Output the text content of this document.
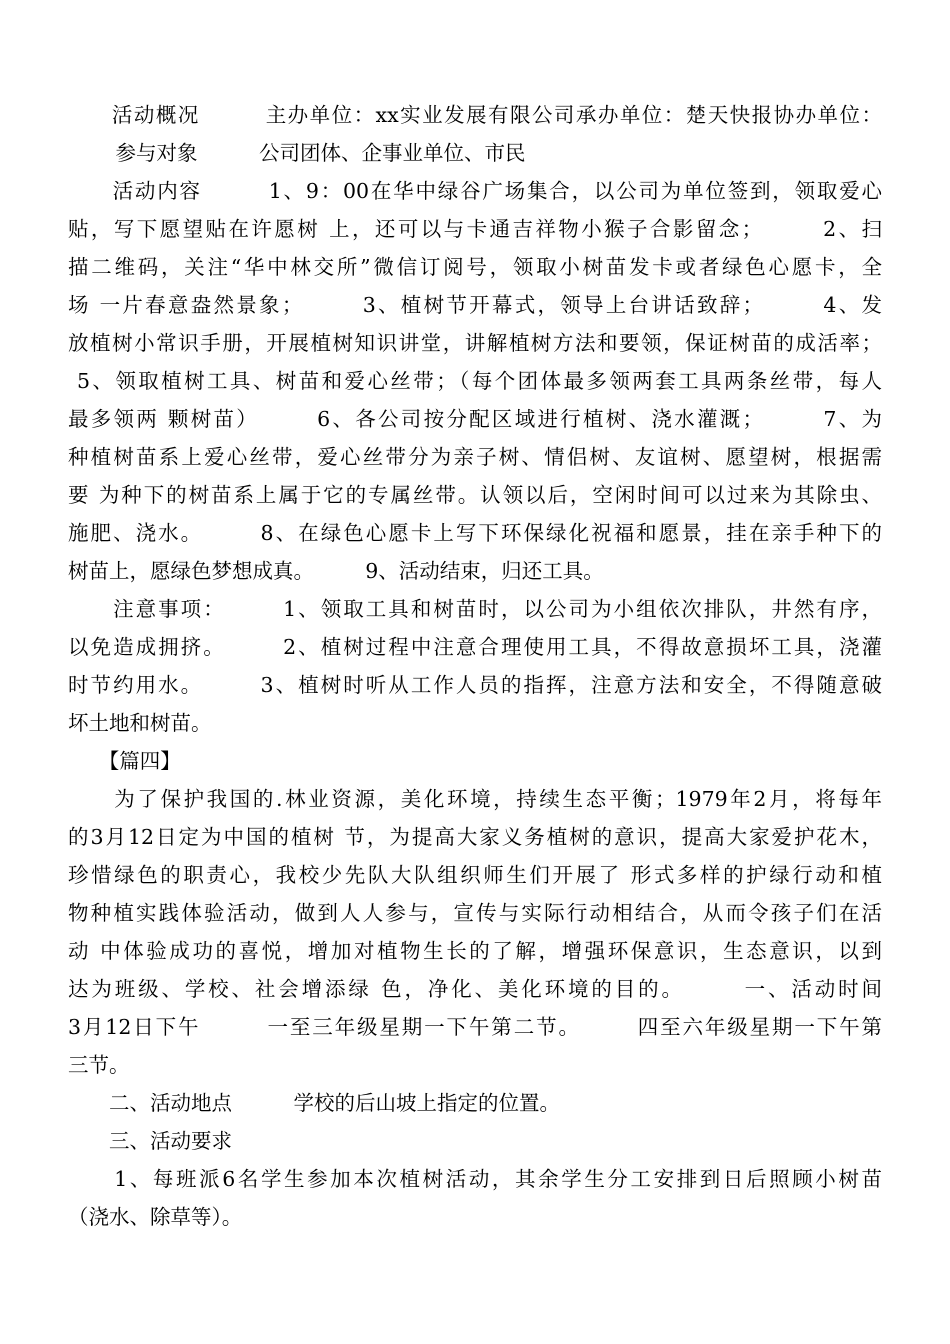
　　活动概况　　　主办单位：xx实业发展有限公司承办单位：楚天快报协办单位：

　　 参与对象　　　公司团体、企事业单位、市民

　　活动内容　　　1、9：00在华中绿谷广场集合，以公司为单位签到，领取爱心

贴，写下愿望贴在许愿树 上，还可以与卡通吉祥物小猴子合影留念；　　　2、扫

描二维码，关注“华中林交所”微信订阅号，领取小树苗发卡或者绿色心愿卡，全

场 一片春意盎然景象；　　　3、植树节开幕式，领导上台讲话致辞；　　　4、发

放植树小常识手册，开展植树知识讲堂，讲解植树方法和要领，保证树苗的成活率；

5、领取植树工具、树苗和爱心丝带；（每个团体最多领两套工具两条丝带，每人

最多领两 颗树苗）　　　6、各公司按分配区域进行植树、浇水灌溉；　　　7、为

种植树苗系上爱心丝带，爱心丝带分为亲子树、情侣树、友谊树、愿望树，根据需

要 为种下的树苗系上属于它的专属丝带。认领以后，空闲时间可以过来为其除虫、

施肥、浇水。　　　8、在绿色心愿卡上写下环保绿化祝福和愿景，挂在亲手种下的

树苗上，愿绿色梦想成真。　　　9、活动结束，归还工具。

　　注意事项：　　　1、领取工具和树苗时，以公司为小组依次排队，井然有序，

以免造成拥挤。　　　2、植树过程中注意合理使用工具，不得故意损坏工具，浇灌

时节约用水。　　　3、植树时听从工作人员的指挥，注意方法和安全，不得随意破

坏土地和树苗。

　　【篇四】

　　为了保护我国的.林业资源，美化环境，持续生态平衡；1979年2月，将每年

的3月12日定为中国的植树 节，为提高大家义务植树的意识，提高大家爱护花木，

珍惜绿色的职责心，我校少先队大队组织师生们开展了 形式多样的护绿行动和植

物种植实践体验活动，做到人人参与，宣传与实际行动相结合，从而令孩子们在活

动 中体验成功的喜悦，增加对植物生长的了解，增强环保意识，生态意识，以到

达为班级、学校、社会增添绿 色，净化、美化环境的目的。　　　一、活动时间

3月12日下午　　　一至三年级星期一下午第二节。　　　四至六年级星期一下午第

三节。

　　二、活动地点　　　学校的后山坡上指定的位置。

　　三、活动要求

　　1、每班派6名学生参加本次植树活动，其余学生分工安排到日后照顾小树苗

（浇水、除草等）。
